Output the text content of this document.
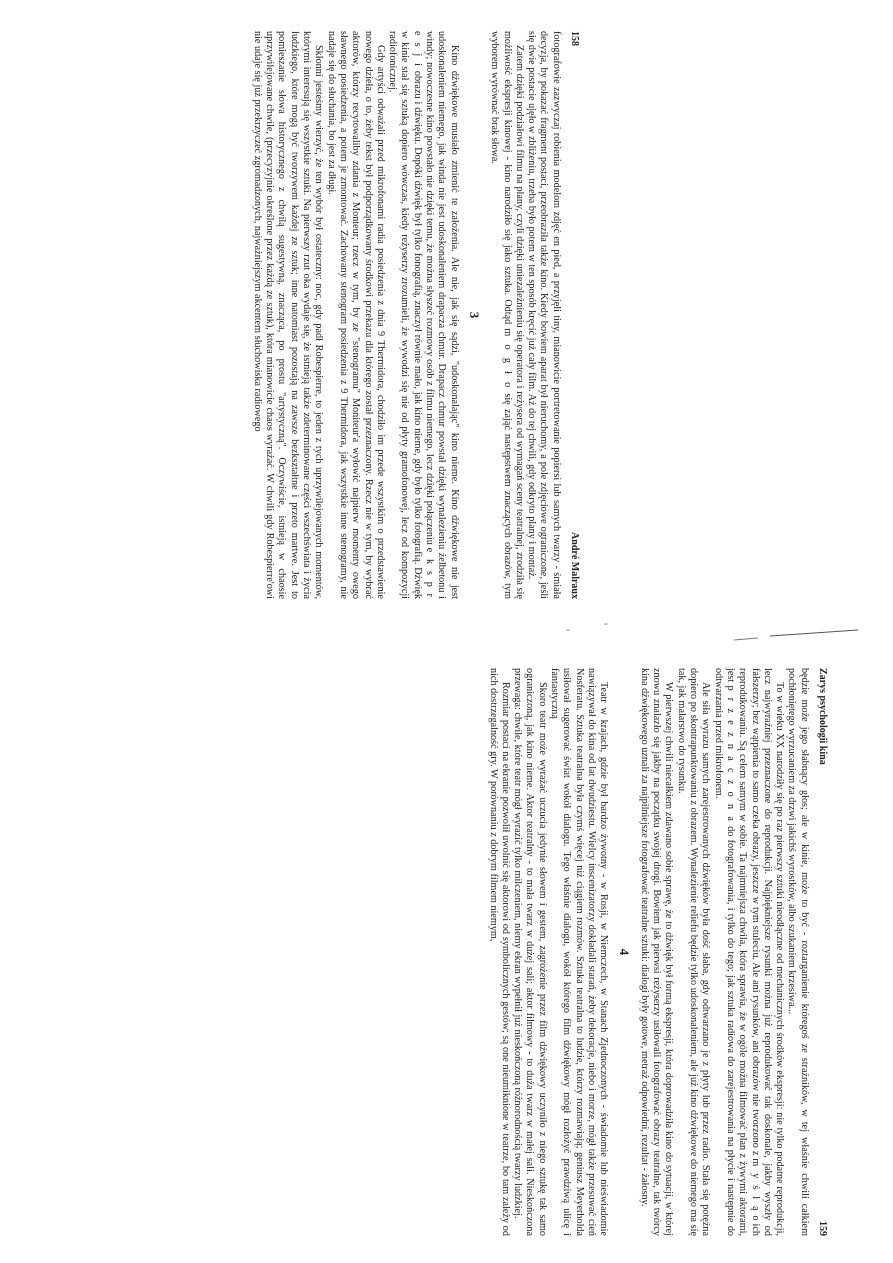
-
-
158
André Malraux

fotografowie zazwyczaj robienia modelom zdjęć en pied, a przyjęli tiny, mianowicie portretowanie popiersi lub samych twarzy - śmiała decyzja, by pokazać fragment postaci, przeobraziła także kino. Kiedy bowiem aparat był nieruchomy, a pole zdjęciowe ograniczone, jeśli się dwie postacie ujęło w zbliżeniu, trzeba było potem w ten sposób kręcić już cały film. Aż do tej chwili, gdy odkryto plany i montaż.

Zatem dzięki podziałowi filmu na plany, czyli dzięki uniezależnieniu się operatora i reżysera od wymagań sceny teatralnej, zrodziła się możliwość ekspresji kinowej - kino narodziło się jako sztuka. Odtąd m o g ł o się zająć następstwem znaczących obrazów, tym wyborem wyrównać brak słowa.

3

Kino dźwiękowe musiało zmienić te założenia. Ale nie, jak się sądzi, "udoskonalając" kino nieme. Kino dźwiękowe nie jest udoskonaleniem niemego, jak winda nie jest udoskonaleniem drapacza chmur. Drapacz chmur powstał dzięki wynalezieniu żelbetonu i windy; nowoczesne kino powstało nie dzięki temu, że można słyszeć rozmowy osób z filmu niemego, lecz dzięki połączeniu e k s p r e s j i obrazu i dźwięku. Dopóki dźwięk był tylko fonografią, znaczył równie mało, jak kino nieme, gdy było tylko fotografią. Dźwięk w kinie stał się sztuką dopiero wówczas, kiedy reżyserzy zrozumieli, że wywodzi się nie od płyty gramofonowej, lecz od kompozycji radiofonicznej.

Gdy artyści odważali przed mikrofonami radia posiedzenia z dnia 9 Thermidora, chodziło im przede wszystkim o przedstawienie nowego dzieła, o to, żeby tekst był podporządkowany środkowi przekazu dla którego został przeznaczony. Rzecz nie w tym, by wybrać aktorów, którzy recytowaliby zdania z Monteur; rzecz w tym, by ze "stenogramu" Moniteur'a wyłowić najpierw momenty owego sławnego posiedzenia, a potem je zmontować. Zachowany stenogram posiedzenia z 9 Thermidora, jak wszystkie inne stenogramy, nie nadaje się do słuchania, bo jest za długi.

Skłonni jesteśmy wierzyć, że ten wybór był ostateczny: noc, gdy padł Robespierre, to jeden z tych uprzywilejowanych momentów, którymi interesują się wszystkie sztuki. Na pierwszy rzut oka wydaje się, że istnieją także zdeterminowane części wszechświata i życia ludzkiego, które mogą być tworzywem każdej ze sztuk; inne natomiast pozostają na zawsze bezkształtne i przeto martwe. Jest to pomieszanie słowa historycznego z chwilą sugestywną, znacząca, po prostu "artystyczną". Oczywiście, istnieją w chaosie uprzywilejowane chwile, (przecyzyjnie określone przez każdą ze sztuk), która mianowicie chaos wyrażać. W chwili gdy Robespierre'owi nie udaje się już przekrzyczeć zgromadzonych, najważniejszym akcentem słuchowiska radiowego

Zarys psychologii kina
159

będzie może jego słabnący głos; ale w kinie, może to być - roztarganienie któregoś ze strażników, w tej właśnie chwili całkiem pochłoniętego wyrzucaniem za drzwi jakichś wyrostków, albo szukaniem krzesiwa...

To w wieku XX narodziły się po raz pierwszy sztuki nieodłączne od mechanicznych środków ekspresji: nie tylko podatne reprodukcji, lecz najwyraźniej przeznaczone do reprodukcji. Najpiękniejsze rysunki można już reprodukować tak doskonale, jakby wyszły od fałszerzy; bez wątpienia to samo czeka obrazy, jeszcze w tym stuleciu. Ale ani rysunków, ani obrazów nie tworzono z m y ś l ą o ich reprodukowaniu. Są celem samym w sobie. Ta najmniejsza chwila, która sprawia, że w ogóle można filmować plan z żywymi aktorami, jest p r z e z n a c z o n a do fotografowania, i tylko do tego; jak sztuka radiowa do zarejestrowania na płycie i następnie do odtwarzania przed mikrofonem.

Ale siła wyrazu samych zarejestrowanych dźwięków była dość słaba, gdy odtwarzano je z płyty lub przez radio. Stała się potężna dopiero po skontrapunktowaniu z obrazem. Wynalezienie reliefu będzie tylko udoskonaleniem, ale już kino dźwiękowe do niemego ma się tak, jak malarstwo do rysunku.

W pierwszej chwili niecałkiem zdawano sobie sprawę, że to dźwięk był formą ekspresji, która doprowadziła kino do sytuacji, w której znowu znalazło się jakby na początku swojej drogi. Bowiem jak pierwsi reżyserzy usiłowali fotografować obrazy teatralne, tak twórcy kina dźwiękowego uznali za najpilniejsze fotografować teatralne sztuki: dialogi były gotowe, metraż odpowiedni, rezultat - żałosny.

4

Teatr w krajach, gdzie był bardzo żywotny - w Rosji, w Niemczech, w Stanach Zjednoczonych - świadomie lub nieświadomie nawiązywał do kina od lat dwudziestu. Wielcy inscenizatorzy dokładali starań, żeby dekoracje, niebo i morze, mógł także przesuwać cień Nosferatu. Sztuka teatralna była czymś więcej niż ciągiem rozmów. Sztuka teatralna to ludzie, którzy rozmawiają; geniusz Meyerholda usiłował sugerować świat wokół dialogu. Tego właśnie dialogu, wokół którego film dźwiękowy mógł rozłożyć prawdziwą ulicę i fantastyczną

Skoro teatr może wyrażać uczucia jedynie słowem i gestem, zagrożenie przez film dźwiękowy uczyniło z niego sztukę tak samo ograniczoną, jak kino nieme. Aktor teatralny - to mała twarz w dużej sali; aktor filmowy - to duża twarz w małej sali. Nieskończona przewaga: chwile, które teatr mógł wyrazić tylko milczeniem, niemy ekran wypełnił już nieskończoną różnorodnością twarzy ludzkiej.

Rozmiar postaci na ekranie pozwolił uwolnić się aktorowi od symbolicznych gestów; są one nieumiknione w teatrze, bo tam zależy od nich dostrzegalność gry. W porównaniu z dobrym filmem niemym,
